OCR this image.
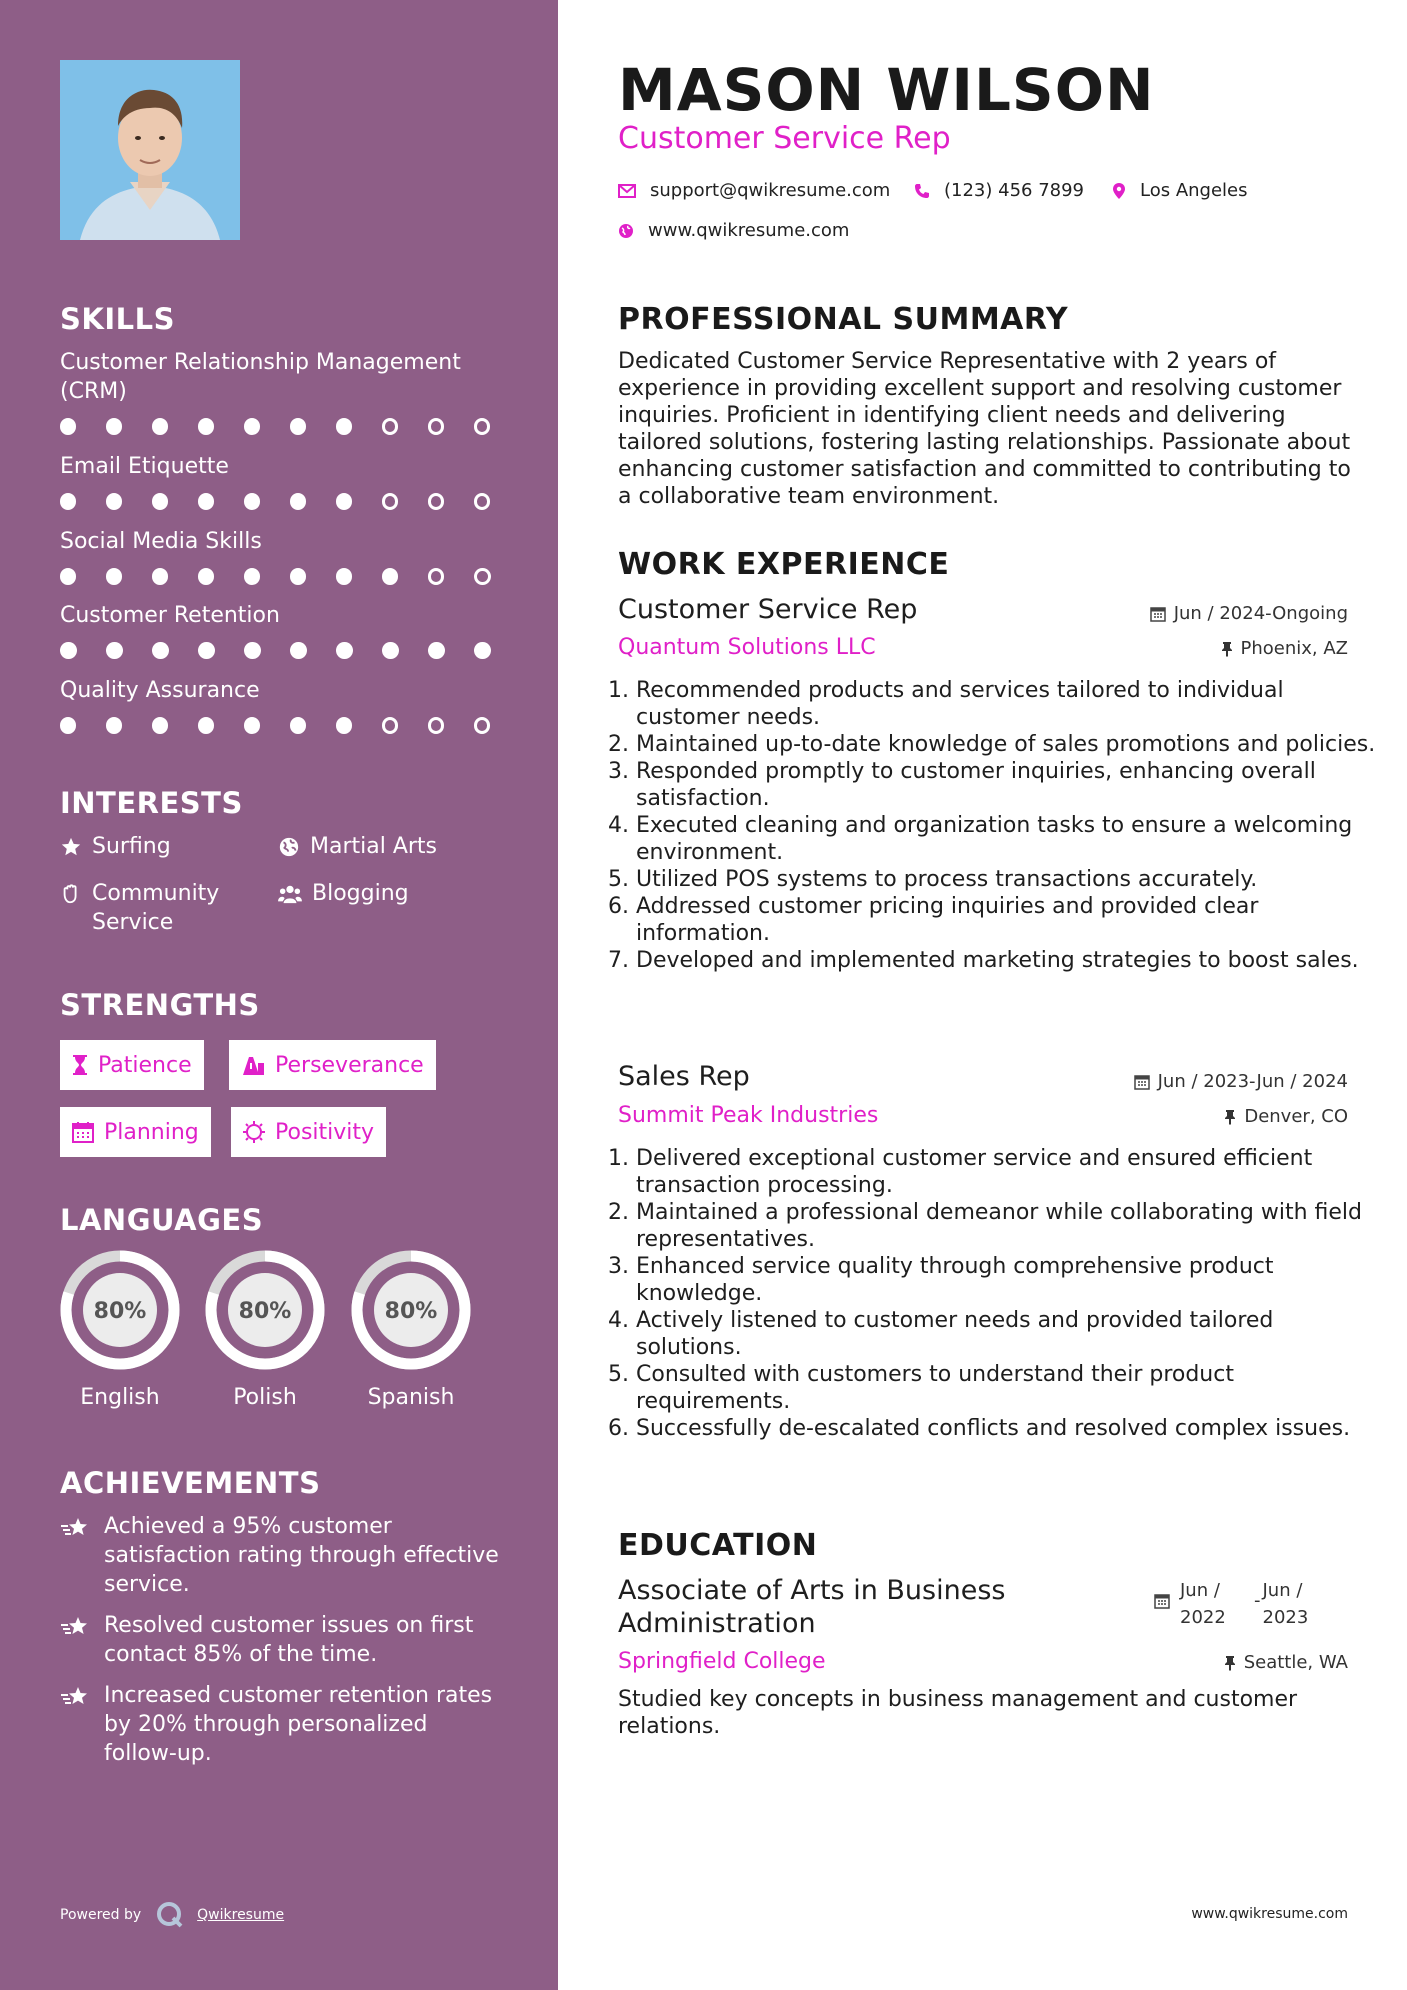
SKILLS
Customer Relationship Management (CRM)
Email Etiquette
Social Media Skills
Customer Retention
Quality Assurance
INTERESTS
Surfing	Martial Arts
Community Service
Blogging
STRENGTHS
Patience	Perseverance
Planning	Positivity
LANGUAGES
80%
English
80%
Polish
80%
Spanish
ACHIEVEMENTS
Achieved a 95% customer satisfaction rating through effective service.
Resolved customer issues on first contact 85% of the time.
Increased customer retention rates by 20% through personalized follow-up.
Powered by	Qwikresume
MASON WILSON
Customer Service Rep
support@qwikresume.com	(123) 456 7899	Los Angeles
www.qwikresume.com
PROFESSIONAL SUMMARY
Dedicated Customer Service Representative with 2 years of experience in providing excellent support and resolving customer inquiries. Proficient in identifying client needs and delivering tailored solutions, fostering lasting relationships. Passionate about enhancing customer satisfaction and committed to contributing to a collaborative team environment.
WORK EXPERIENCE
Customer Service Rep	Jun / 2024-Ongoing
Quantum Solutions LLC	Phoenix, AZ
1. Recommended products and services tailored to individual customer needs.
2. Maintained up-to-date knowledge of sales promotions and policies.
3. Responded promptly to customer inquiries, enhancing overall satisfaction.
4. Executed cleaning and organization tasks to ensure a welcoming environment.
5. Utilized POS systems to process transactions accurately.
6. Addressed customer pricing inquiries and provided clear information.
7. Developed and implemented marketing strategies to boost sales.
Sales Rep	Jun / 2023-Jun / 2024
Summit Peak Industries	Denver, CO
1. Delivered exceptional customer service and ensured efficient transaction processing.
2. Maintained a professional demeanor while collaborating with field representatives.
3. Enhanced service quality through comprehensive product knowledge.
4. Actively listened to customer needs and provided tailored solutions.
5. Consulted with customers to understand their product requirements.
6. Successfully de-escalated conflicts and resolved complex issues.
EDUCATION
Associate of Arts in Business Administration
Jun / 2022
- Jun / 2023
Springfield College	Seattle, WA
Studied key concepts in business management and customer relations.
www.qwikresume.com
